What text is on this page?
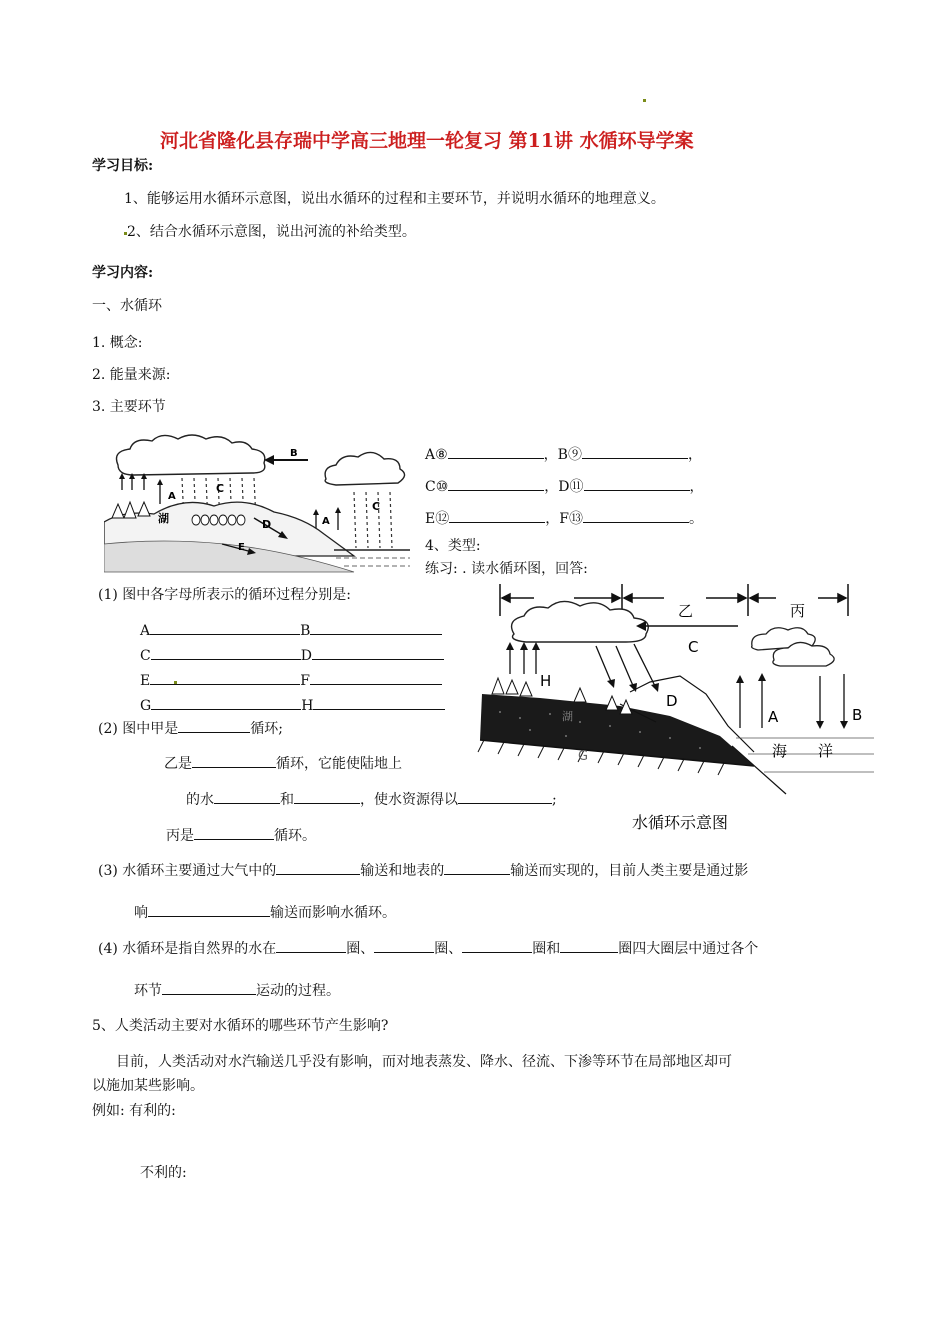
河北省隆化县存瑞中学高三地理一轮复习 第11讲 水循环导学案
学习目标:
1、能够运用水循环示意图，说出水循环的过程和主要环节，并说明水循环的地理意义。
2、结合水循环示意图，说出河流的补给类型。
学习内容:
一、水循环
1. 概念:
2. 能量来源:
3. 主要环节
B
C
C
A
A
湖	D
E
A⑧	，B⑨	，
C⑩	，D⑪	，
E⑫	，F⑬	。
4、类型:
练习: . 读水循环图，回答:
乙	丙
C
H
D
A	B
湖
G	海 洋
水循环示意图
(1) 图中各字母所表示的循环过程分别是:
A	B
C	D
E	F
G	H
(2) 图中甲是	循环;
乙是	循环，它能使陆地上
的水	和	，使水资源得以	;
丙是	循环。
(3) 水循环主要通过大气中的	输送和地表的	输送而实现的，目前人类主要是通过影
响	输送而影响水循环。
(4) 水循环是指自然界的水在	圈、	圈、	圈和	圈四大圈层中通过各个
环节	运动的过程。
5、人类活动主要对水循环的哪些环节产生影响?
目前，人类活动对水汽输送几乎没有影响，而对地表蒸发、降水、径流、下渗等环节在局部地区却可
以施加某些影响。
例如: 有利的:
不利的:
